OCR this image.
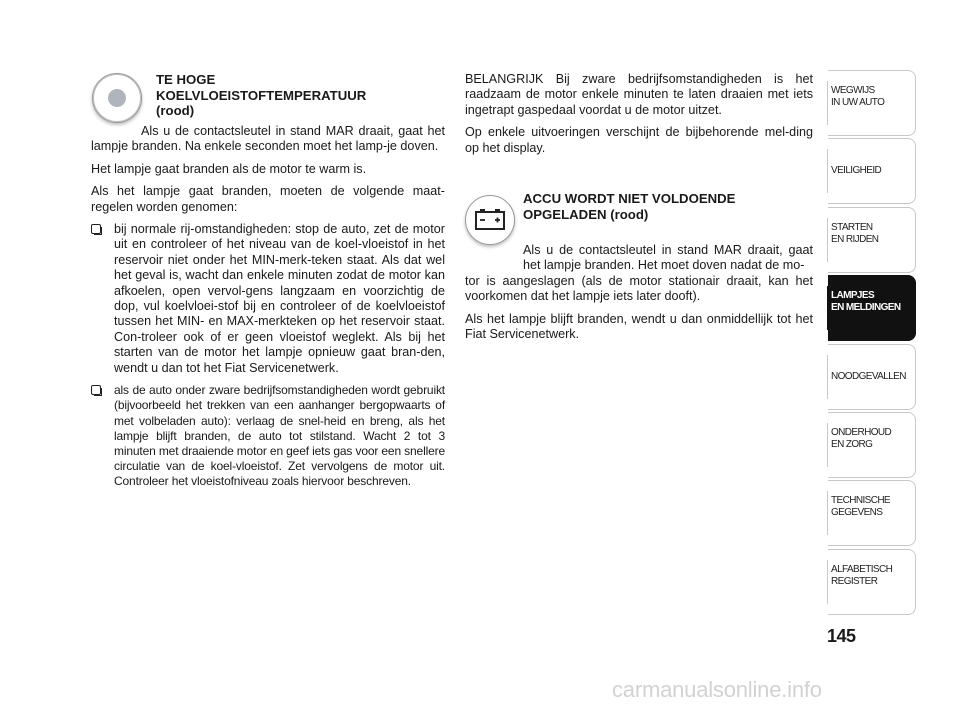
TE HOGE
KOELVLOEISTOFTEMPERATUUR
(rood)

Als u de contactsleutel in stand MAR draait, gaat het lampje branden. Na enkele seconden moet het lamp-je doven.

Het lampje gaat branden als de motor te warm is.

Als het lampje gaat branden, moeten de volgende maat-regelen worden genomen:

bij normale rij-omstandigheden: stop de auto, zet de motor uit en controleer of het niveau van de koel-vloeistof in het reservoir niet onder het MIN-merk-teken staat. Als dat wel het geval is, wacht dan enkele minuten zodat de motor kan afkoelen, open vervol-gens langzaam en voorzichtig de dop, vul koelvloei-stof bij en controleer of de koelvloeistof tussen het MIN- en MAX-merkteken op het reservoir staat. Con-troleer ook of er geen vloeistof weglekt. Als bij het starten van de motor het lampje opnieuw gaat bran-den, wendt u dan tot het Fiat Servicenetwerk.
als de auto onder zware bedrijfsomstandigheden wordt gebruikt (bijvoorbeeld het trekken van een aanhanger bergopwaarts of met volbeladen auto): verlaag de snel-heid en breng, als het lampje blijft branden, de auto tot stilstand. Wacht 2 tot 3 minuten met draaiende motor en geef iets gas voor een snellere circulatie van de koel-vloeistof. Zet vervolgens de motor uit. Controleer het vloeistofniveau zoals hiervoor beschreven.

BELANGRIJK Bij zware bedrijfsomstandigheden is het raadzaam de motor enkele minuten te laten draaien met iets ingetrapt gaspedaal voordat u de motor uitzet.

Op enkele uitvoeringen verschijnt de bijbehorende mel-ding op het display.

ACCU WORDT NIET VOLDOENDE
OPGELADEN (rood)

Als u de contactsleutel in stand MAR draait, gaat het lampje branden. Het moet doven nadat de mo-
tor is aangeslagen (als de motor stationair draait, kan het voorkomen dat het lampje iets later dooft).

Als het lampje blijft branden, wendt u dan onmiddellijk tot het Fiat Servicenetwerk.

WEGWIJS
IN UW AUTO
VEILIGHEID
STARTEN
EN RIJDEN
LAMPJES
EN MELDINGEN
NOODGEVALLEN
ONDERHOUD
EN ZORG
TECHNISCHE
GEGEVENS
ALFABETISCH
REGISTER
145
carmanualsonline.info
